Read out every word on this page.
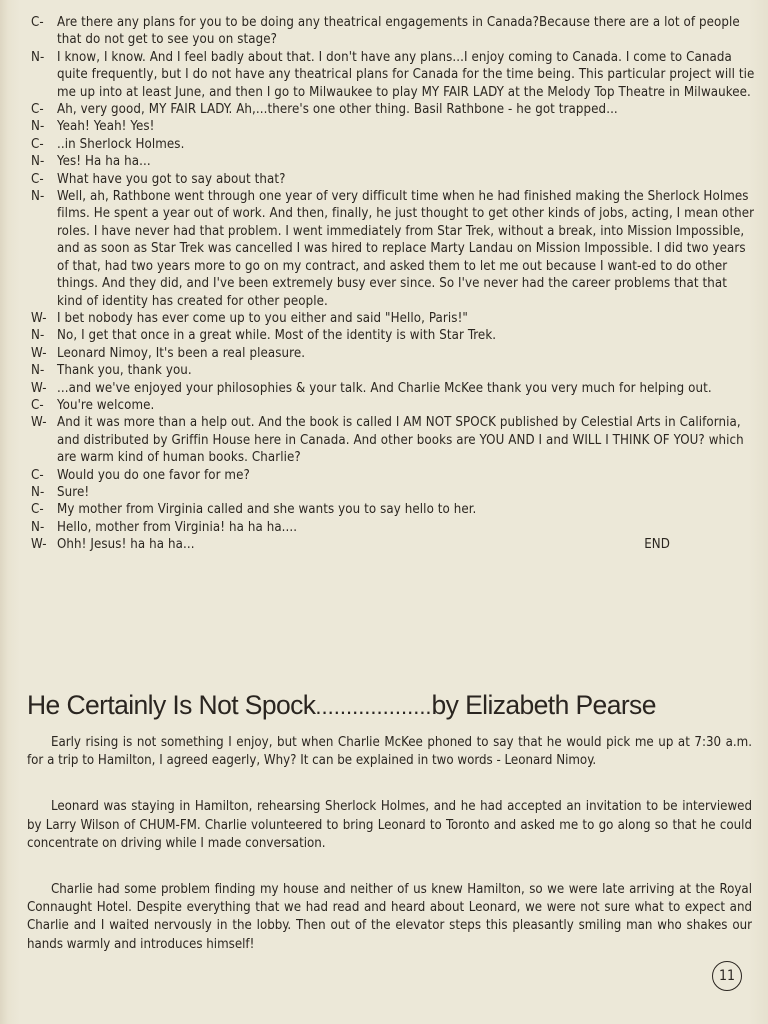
C-	Are there any plans for you to be doing any theatrical engagements in Canada?Because there are a lot of people that do not get to see you on stage?
N- I know, I know. And I feel badly about that. I don't have any plans...I enjoy coming to Canada. I come to Canada quite frequently, but I do not have any theatrical plans for Canada for the time being. This particular project will tie me up into at least June, and then I go to Milwaukee to play MY FAIR LADY at the Melody Top Theatre in Milwaukee.
C-	Ah, very good, MY FAIR LADY. Ah,...there's one other thing. Basil Rathbone - he got trapped...
N- Yeah! Yeah! Yes!
C-	..in Sherlock Holmes.
N- Yes! Ha ha ha...
C-	What have you got to say about that?
N- Well, ah, Rathbone went through one year of very difficult time when he had finished making the Sherlock Holmes films. He spent a year out of work. And then, finally, he just thought to get other kinds of jobs, acting, I mean other roles. I have never had that problem. I went immediately from Star Trek, without a break, into Mission Impossible, and as soon as Star Trek was cancelled I was hired to replace Marty Landau on Mission Impossible. I did two years of that, had two years more to go on my contract, and asked them to let me out because I want-ed to do other things. And they did, and I've been extremely busy ever since. So I've never had the career problems that that kind of identity has created for other people.
W- I bet nobody has ever come up to you either and said "Hello, Paris!"
N- No, I get that once in a great while. Most of the identity is with Star Trek.
W- Leonard Nimoy, It's been a real pleasure.
N- Thank you, thank you.
W- ...and we've enjoyed your philosophies & your talk. And Charlie McKee thank you very much for helping out.
C-	You're welcome.
W- And it was more than a help out. And the book is called I AM NOT SPOCK published by Celestial Arts in California, and distributed by Griffin House here in Canada. And other books are YOU AND I and WILL I THINK OF YOU? which are warm kind of human books. Charlie?
C-	Would you do one favor for me?
N- Sure!
C-	My mother from Virginia called and she wants you to say hello to her.
N- Hello, mother from Virginia! ha ha ha....
W- Ohh! Jesus! ha ha ha...	END
He Certainly Is Not Spock...................by Elizabeth Pearse

Early rising is not something I enjoy, but when Charlie McKee phoned to say that he would pick me up at 7:30 a.m. for a trip to Hamilton, I agreed eagerly, Why? It can be explained in two words - Leonard Nimoy.

Leonard was staying in Hamilton, rehearsing Sherlock Holmes, and he had accepted an invitation to be interviewed by Larry Wilson of CHUM-FM. Charlie volunteered to bring Leonard to Toronto and asked me to go along so that he could concentrate on driving while I made conversation.

Charlie had some problem finding my house and neither of us knew Hamilton, so we were late arriving at the Royal Connaught Hotel. Despite everything that we had read and heard about Leonard, we were not sure what to expect and Charlie and I waited nervously in the lobby. Then out of the elevator steps this pleasantly smiling man who shakes our hands warmly and introduces himself!

11
